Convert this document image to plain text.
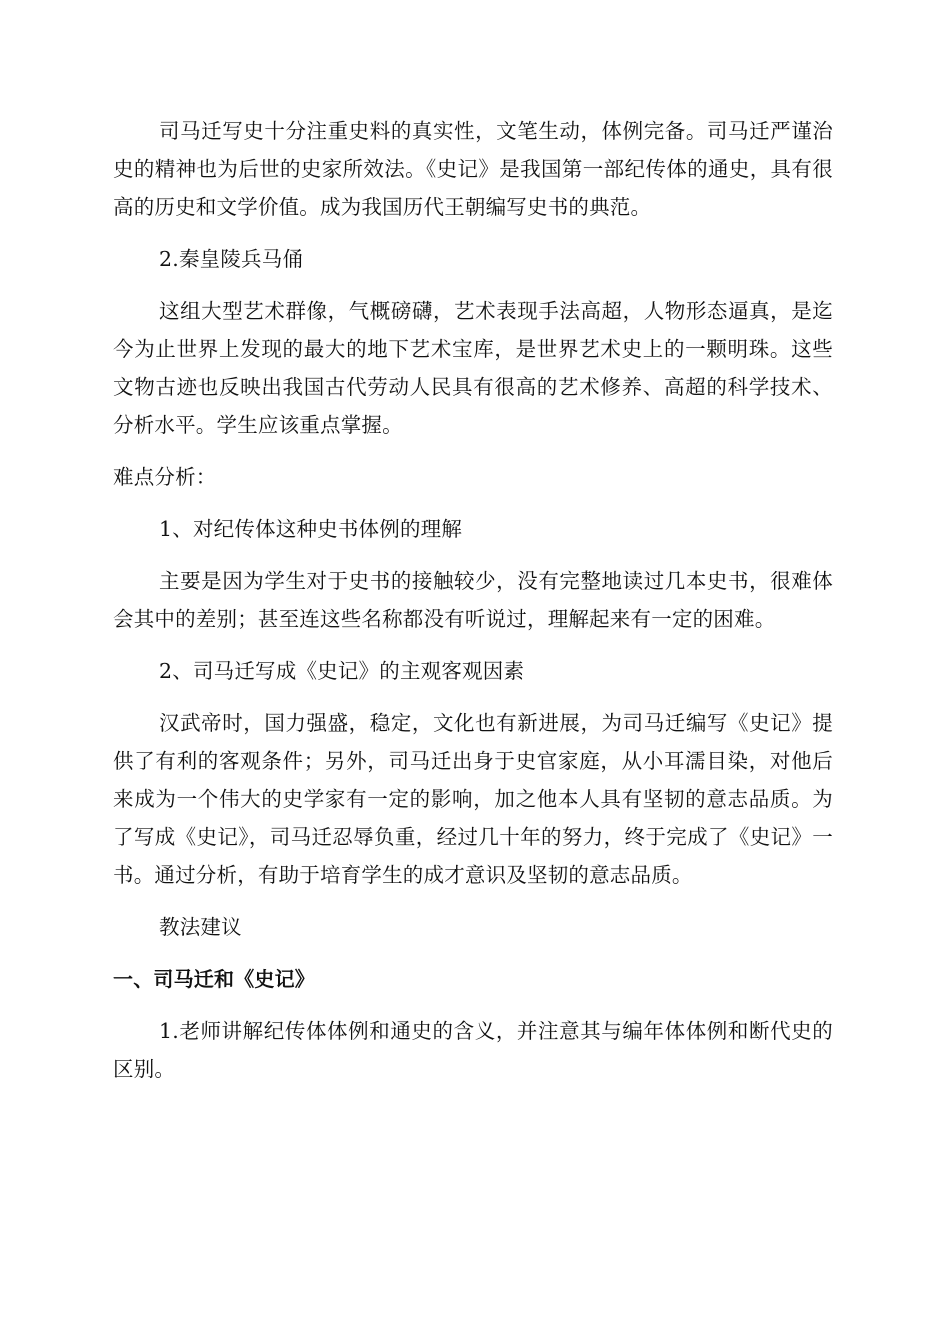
司马迁写史十分注重史料的真实性，文笔生动，体例完备。司马迁严谨治史的精神也为后世的史家所效法。《史记》是我国第一部纪传体的通史，具有很高的历史和文学价值。成为我国历代王朝编写史书的典范。

2.秦皇陵兵马俑

这组大型艺术群像，气概磅礴，艺术表现手法高超，人物形态逼真，是迄今为止世界上发现的最大的地下艺术宝库，是世界艺术史上的一颗明珠。这些文物古迹也反映出我国古代劳动人民具有很高的艺术修养、高超的科学技术、分析水平。学生应该重点掌握。

难点分析：

1、对纪传体这种史书体例的理解

主要是因为学生对于史书的接触较少，没有完整地读过几本史书，很难体会其中的差别；甚至连这些名称都没有听说过，理解起来有一定的困难。

2、司马迁写成《史记》的主观客观因素

汉武帝时，国力强盛，稳定，文化也有新进展，为司马迁编写《史记》提供了有利的客观条件；另外，司马迁出身于史官家庭，从小耳濡目染，对他后来成为一个伟大的史学家有一定的影响，加之他本人具有坚韧的意志品质。为了写成《史记》，司马迁忍辱负重，经过几十年的努力，终于完成了《史记》一书。通过分析，有助于培育学生的成才意识及坚韧的意志品质。

教法建议

一、司马迁和《史记》

1.老师讲解纪传体体例和通史的含义，并注意其与编年体体例和断代史的区别。
